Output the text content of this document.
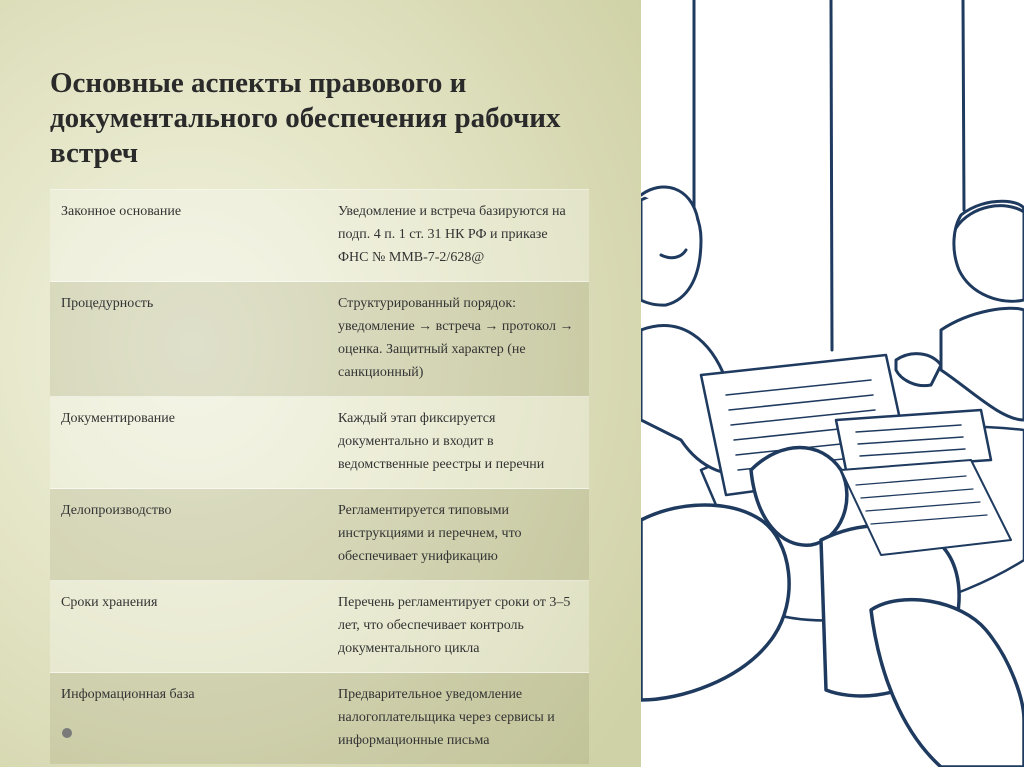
Основные аспекты правового и документального обеспечения рабочих встреч
Законное основание	Уведомление и встреча базируются на подп. 4 п. 1 ст. 31 НК РФ и приказе ФНС № ММВ-7-2/628@
Процедурность	Структурированный порядок: уведомление → встреча → протокол → оценка. Защитный характер (не санкционный)
Документирование	Каждый этап фиксируется документально и входит в ведомственные реестры и перечни
Делопроизводство	Регламентируется типовыми инструкциями и перечнем, что обеспечивает унификацию
Сроки хранения	Перечень регламентирует сроки от 3–5 лет, что обеспечивает контроль документального цикла
Информационная база	Предварительное уведомление налогоплательщика через сервисы и информационные письма
